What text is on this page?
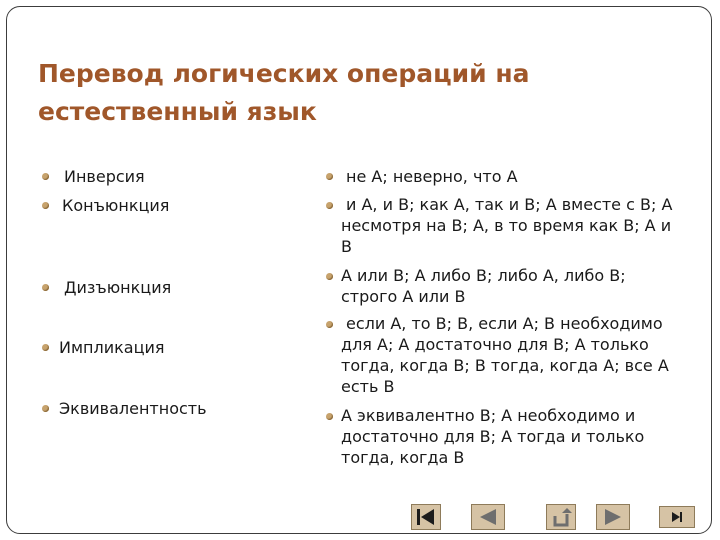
Перевод логических операций на
естественный язык
Инверсия
Конъюнкция
Дизъюнкция
Импликация
Эквивалентность
не А; неверно, что А
и А, и В; как А, так и В; А вместе с В; А
несмотря на В; А, в то время как В; А и
В
А или В; А либо В; либо А, либо В;
строго А или В
если А, то В; В, если А; В необходимо
для А; А достаточно для В; А только
тогда, когда В; В тогда, когда А; все А
есть В
А эквивалентно В; А необходимо и
достаточно для В; А тогда и только
тогда, когда В
